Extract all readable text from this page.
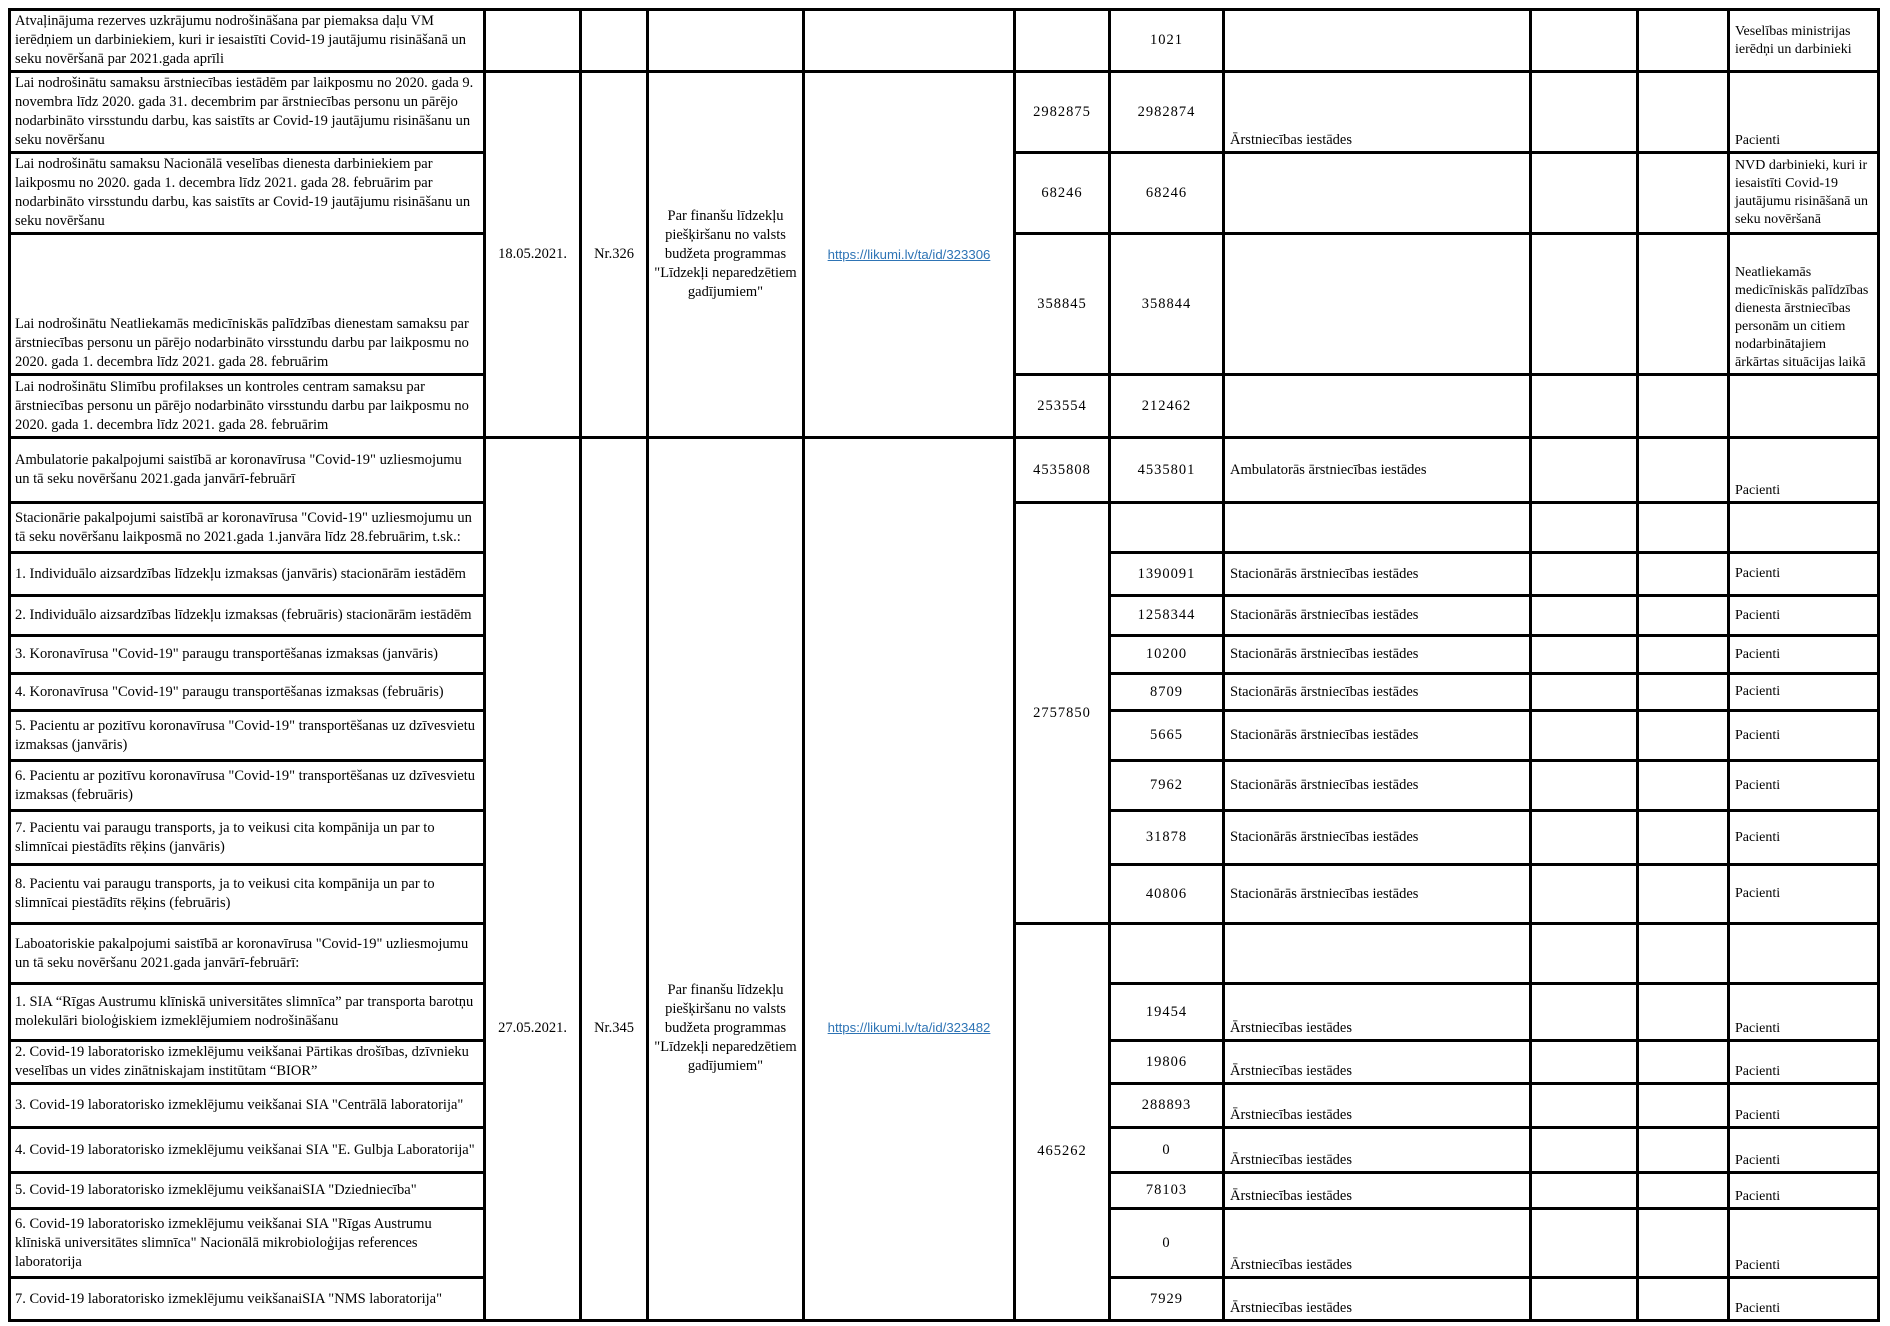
Atvaļinājuma rezerves uzkrājumu nodrošināšana par piemaksa daļu VM ierēdņiem un darbiniekiem, kuri ir iesaistīti Covid-19 jautājumu risināšanā un seku novēršanā par 2021.gada aprīli						1021				Veselības ministrijas ierēdņi un darbinieki
Lai nodrošinātu samaksu ārstniecības iestādēm par laikposmu no 2020. gada 9. novembra līdz 2020. gada 31. decembrim par ārstniecības personu un pārējo nodarbināto virsstundu darbu, kas saistīts ar Covid-19 jautājumu risināšanu un seku novēršanu	18.05.2021.	Nr.326	Par finanšu līdzekļu piešķiršanu no valsts budžeta programmas "Līdzekļi neparedzētiem gadījumiem"	https://likumi.lv/ta/id/323306	2982875	2982874	Ārstniecības iestādes			Pacienti
Lai nodrošinātu samaksu Nacionālā veselības dienesta darbiniekiem par laikposmu no 2020. gada 1. decembra līdz 2021. gada 28. februārim par nodarbināto virsstundu darbu, kas saistīts ar Covid-19 jautājumu risināšanu un seku novēršanu					68246	68246				NVD darbinieki, kuri ir iesaistīti Covid-19 jautājumu risināšanā un seku novēršanā
Lai nodrošinātu Neatliekamās medicīniskās palīdzības dienestam samaksu par ārstniecības personu un pārējo nodarbināto virsstundu darbu par laikposmu no 2020. gada 1. decembra līdz 2021. gada 28. februārim					358845	358844				Neatliekamās medicīniskās palīdzības dienesta ārstniecības personām un citiem nodarbinātajiem ārkārtas situācijas laikā
Lai nodrošinātu Slimību profilakses un kontroles centram samaksu par ārstniecības personu un pārējo nodarbināto virsstundu darbu par laikposmu no 2020. gada 1. decembra līdz 2021. gada 28. februārim					253554	212462				
Ambulatorie pakalpojumi saistībā ar koronavīrusa "Covid-19" uzliesmojumu un tā seku novēršanu 2021.gada janvārī-februārī	27.05.2021.	Nr.345	Par finanšu līdzekļu piešķiršanu no valsts budžeta programmas "Līdzekļi neparedzētiem gadījumiem"	https://likumi.lv/ta/id/323482	4535808	4535801	Ambulatorās ārstniecības iestādes			Pacienti
Stacionārie pakalpojumi saistībā ar koronavīrusa "Covid-19" uzliesmojumu un tā seku novēršanu laikposmā no 2021.gada 1.janvāra līdz 28.februārim, t.sk.:					2757850					
1. Individuālo aizsardzības līdzekļu izmaksas (janvāris) stacionārām iestādēm						1390091	Stacionārās ārstniecības iestādes			Pacienti
2. Individuālo aizsardzības līdzekļu izmaksas (februāris) stacionārām iestādēm						1258344	Stacionārās ārstniecības iestādes			Pacienti
3. Koronavīrusa "Covid-19" paraugu transportēšanas izmaksas (janvāris)						10200	Stacionārās ārstniecības iestādes			Pacienti
4. Koronavīrusa "Covid-19" paraugu transportēšanas izmaksas (februāris)						8709	Stacionārās ārstniecības iestādes			Pacienti
5. Pacientu ar pozitīvu koronavīrusa "Covid-19" transportēšanas uz dzīvesvietu izmaksas (janvāris)						5665	Stacionārās ārstniecības iestādes			Pacienti
6. Pacientu ar pozitīvu koronavīrusa "Covid-19" transportēšanas uz dzīvesvietu izmaksas (februāris)						7962	Stacionārās ārstniecības iestādes			Pacienti
7. Pacientu vai paraugu transports, ja to veikusi cita kompānija un par to slimnīcai piestādīts rēķins (janvāris)						31878	Stacionārās ārstniecības iestādes			Pacienti
8. Pacientu vai paraugu transports, ja to veikusi cita kompānija un par to slimnīcai piestādīts rēķins (februāris)						40806	Stacionārās ārstniecības iestādes			Pacienti
Laboatoriskie pakalpojumi saistībā ar koronavīrusa "Covid-19" uzliesmojumu un tā seku novēršanu 2021.gada janvārī-februārī:					465262					

1. SIA “Rīgas Austrumu klīniskā universitātes slimnīca” par transporta barotņu molekulāri bioloģiskiem izmeklējumiem nodrošināšanu						19454	Ārstniecības iestādes			Pacienti
2. Covid-19 laboratorisko izmeklējumu veikšanai Pārtikas drošības, dzīvnieku veselības un vides zinātniskajam institūtam “BIOR”						19806	Ārstniecības iestādes			Pacienti
3. Covid-19 laboratorisko izmeklējumu veikšanai SIA "Centrālā laboratorija"						288893	Ārstniecības iestādes			Pacienti
4. Covid-19 laboratorisko izmeklējumu veikšanai SIA "E. Gulbja Laboratorija"						0	Ārstniecības iestādes			Pacienti
5. Covid-19 laboratorisko izmeklējumu veikšanaiSIA "Dziedniecība"						78103	Ārstniecības iestādes			Pacienti
6. Covid-19 laboratorisko izmeklējumu veikšanai SIA "Rīgas Austrumu klīniskā universitātes slimnīca" Nacionālā mikrobioloģijas references laboratorija						0	Ārstniecības iestādes			Pacienti
7. Covid-19 laboratorisko izmeklējumu veikšanaiSIA "NMS laboratorija"						7929	Ārstniecības iestādes			Pacienti
